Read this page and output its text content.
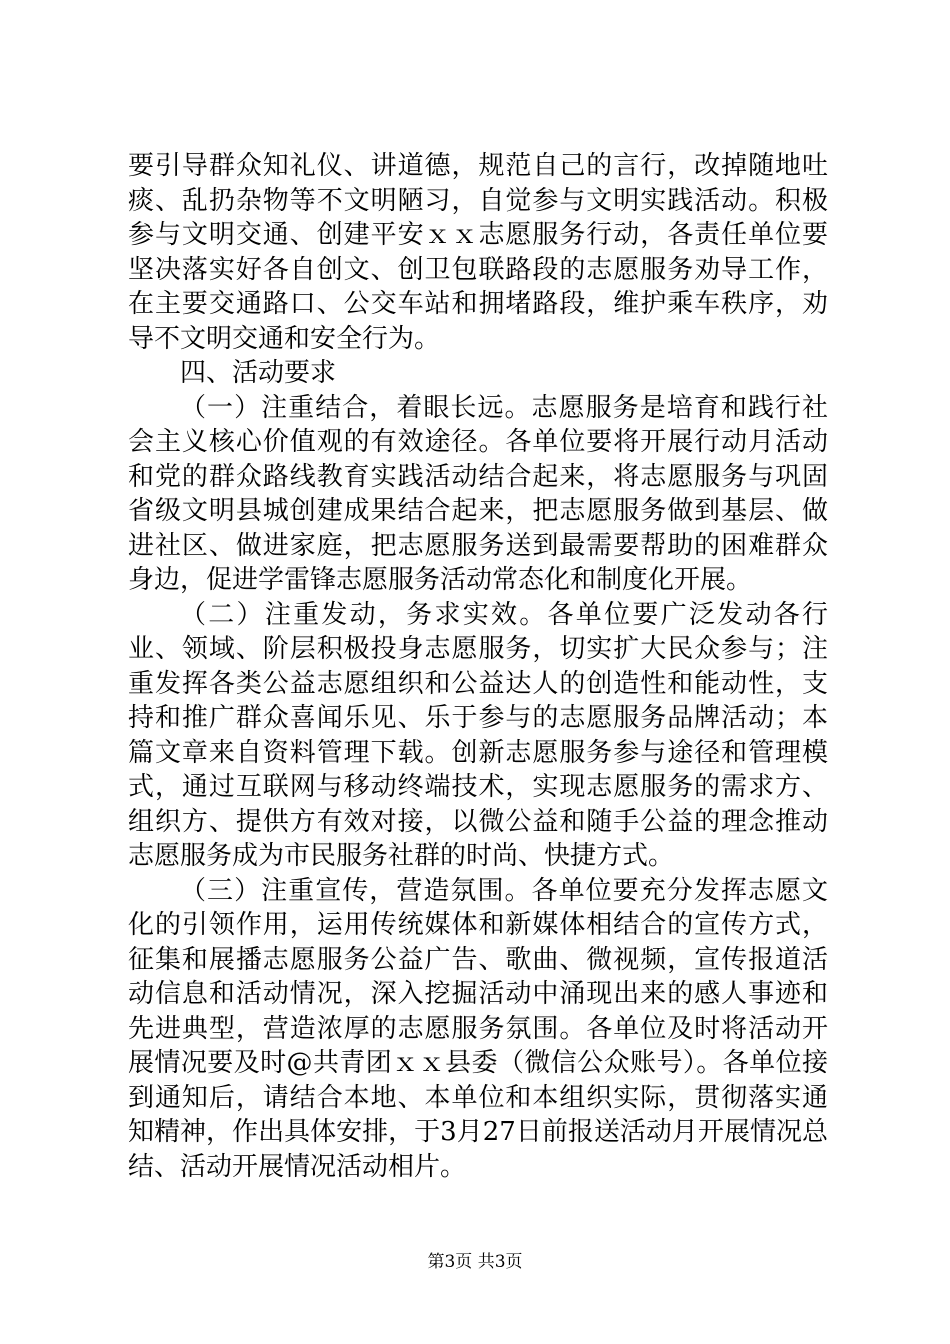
要引导群众知礼仪、讲道德，规范自己的言行，改掉随地吐痰、乱扔杂物等不文明陋习，自觉参与文明实践活动。积极参与文明交通、创建平安ｘｘ志愿服务行动，各责任单位要坚决落实好各自创文、创卫包联路段的志愿服务劝导工作，在主要交通路口、公交车站和拥堵路段，维护乘车秩序，劝导不文明交通和安全行为。

四、活动要求

（一）注重结合，着眼长远。志愿服务是培育和践行社会主义核心价值观的有效途径。各单位要将开展行动月活动和党的群众路线教育实践活动结合起来，将志愿服务与巩固省级文明县城创建成果结合起来，把志愿服务做到基层、做进社区、做进家庭，把志愿服务送到最需要帮助的困难群众身边，促进学雷锋志愿服务活动常态化和制度化开展。

（二）注重发动，务求实效。各单位要广泛发动各行业、领域、阶层积极投身志愿服务，切实扩大民众参与；注重发挥各类公益志愿组织和公益达人的创造性和能动性，支持和推广群众喜闻乐见、乐于参与的志愿服务品牌活动；本篇文章来自资料管理下载。创新志愿服务参与途径和管理模式，通过互联网与移动终端技术，实现志愿服务的需求方、组织方、提供方有效对接，以微公益和随手公益的理念推动志愿服务成为市民服务社群的时尚、快捷方式。

（三）注重宣传，营造氛围。各单位要充分发挥志愿文化的引领作用，运用传统媒体和新媒体相结合的宣传方式，征集和展播志愿服务公益广告、歌曲、微视频，宣传报道活动信息和活动情况，深入挖掘活动中涌现出来的感人事迹和先进典型，营造浓厚的志愿服务氛围。各单位及时将活动开展情况要及时@共青团ｘｘ县委（微信公众账号）。各单位接到通知后，请结合本地、本单位和本组织实际，贯彻落实通知精神，作出具体安排，于3月27日前报送活动月开展情况总结、活动开展情况活动相片。

第3页 共3页
